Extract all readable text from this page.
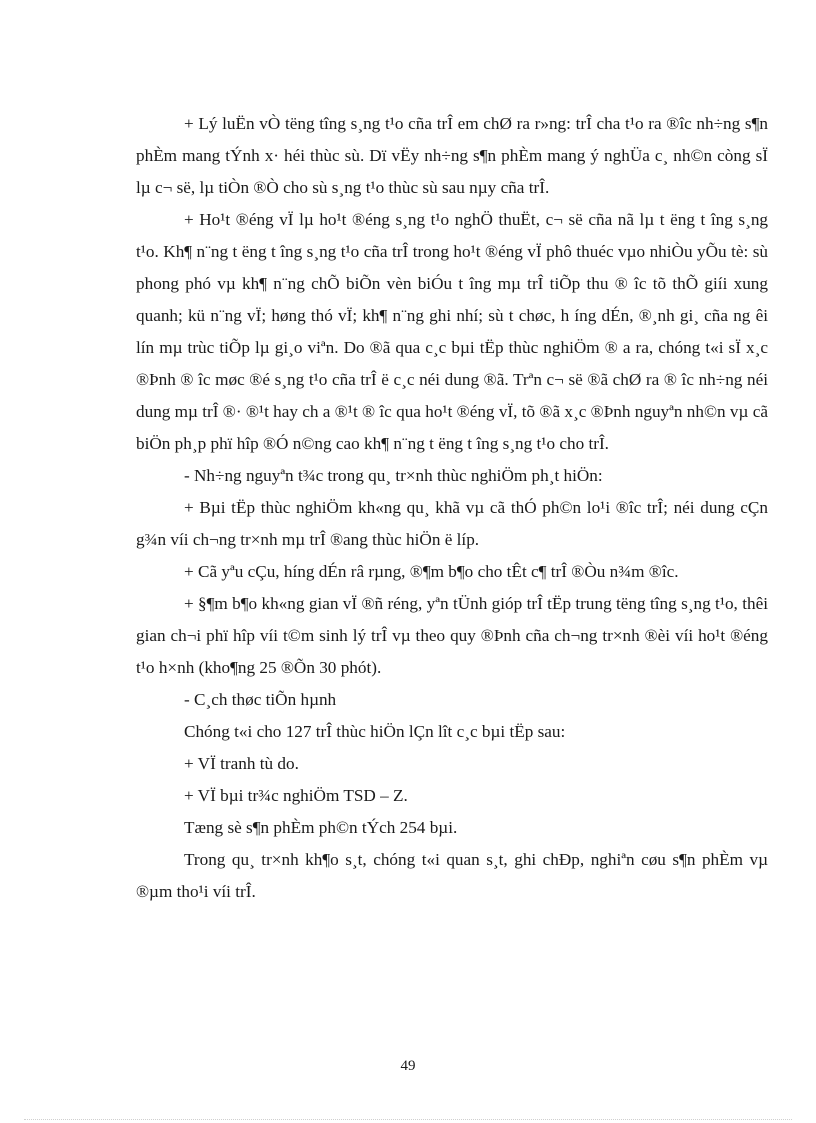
+ Lý luËn vÒ tëng tîng s¸ng t¹o cña trÎ em chØ ra r»ng: trÎ cha t¹o ra ®îc nh÷ng s¶n phÈm mang tÝnh x· héi thùc sù. Dï vËy nh÷ng s¶n phÈm mang ý nghÜa c¸ nh©n còng sÏ lµ c¬ së, lµ tiÒn ®Ò cho sù s¸ng t¹o thùc sù sau nµy cña trÎ.

+ Ho¹t ®éng vÏ lµ ho¹t ®éng s¸ng t¹o nghÖ thuËt, c¬ së cña nã lµ t ëng t îng s¸ng t¹o. Kh¶ n¨ng t ëng t îng s¸ng t¹o cña trÎ trong ho¹t ®éng vÏ phô thuéc vµo nhiÒu yÕu tè: sù phong phó vµ kh¶ n¨ng chÕ biÕn vèn biÓu t îng mµ trÎ tiÕp thu ® îc tõ thÕ giíi xung quanh; kü n¨ng vÏ; høng thó vÏ; kh¶ n¨ng ghi nhí; sù t chøc, h íng dÉn, ®¸nh gi¸ cña ng êi lín mµ trùc tiÕp lµ gi¸o viªn. Do ®ã qua c¸c bµi tËp thùc nghiÖm ® a ra, chóng t«i sÏ x¸c ®Þnh ® îc møc ®é s¸ng t¹o cña trÎ ë c¸c néi dung ®ã. Trªn c¬ së ®ã chØ ra ® îc nh÷ng néi dung mµ trÎ ®· ®¹t hay ch a ®¹t ® îc qua ho¹t ®éng vÏ, tõ ®ã x¸c ®Þnh nguyªn nh©n vµ cã biÖn ph¸p phï hîp ®Ó n©ng cao kh¶ n¨ng t ëng t îng s¸ng t¹o cho trÎ.

- Nh÷ng nguyªn t¾c trong qu¸ tr×nh thùc nghiÖm ph¸t hiÖn:

+ Bµi tËp thùc nghiÖm kh«ng qu¸ khã vµ cã thÓ ph©n lo¹i ®îc trÎ; néi dung cÇn g¾n víi ch¬ng tr×nh mµ trÎ ®ang thùc hiÖn ë líp.

+ Cã yªu cÇu, híng dÉn râ rµng, ®¶m b¶o cho tÊt c¶ trÎ ®Òu n¾m ®îc.

+ §¶m b¶o kh«ng gian vÏ ®ñ réng, yªn tÜnh gióp trÎ tËp trung tëng tîng s¸ng t¹o, thêi gian ch¬i phï hîp víi t©m sinh lý trÎ vµ theo quy ®Þnh cña ch¬ng tr×nh ®èi víi ho¹t ®éng t¹o h×nh (kho¶ng 25 ®Õn 30 phót).

- C¸ch thøc tiÕn hµnh

Chóng t«i cho 127 trÎ thùc hiÖn lÇn lît c¸c bµi tËp sau:

+ VÏ tranh tù do.

+ VÏ bµi tr¾c nghiÖm TSD – Z.

Tæng sè s¶n phÈm ph©n tÝch 254 bµi.

Trong qu¸ tr×nh kh¶o s¸t, chóng t«i quan s¸t, ghi chÐp, nghiªn cøu s¶n phÈm vµ ®µm tho¹i víi trÎ.

49
